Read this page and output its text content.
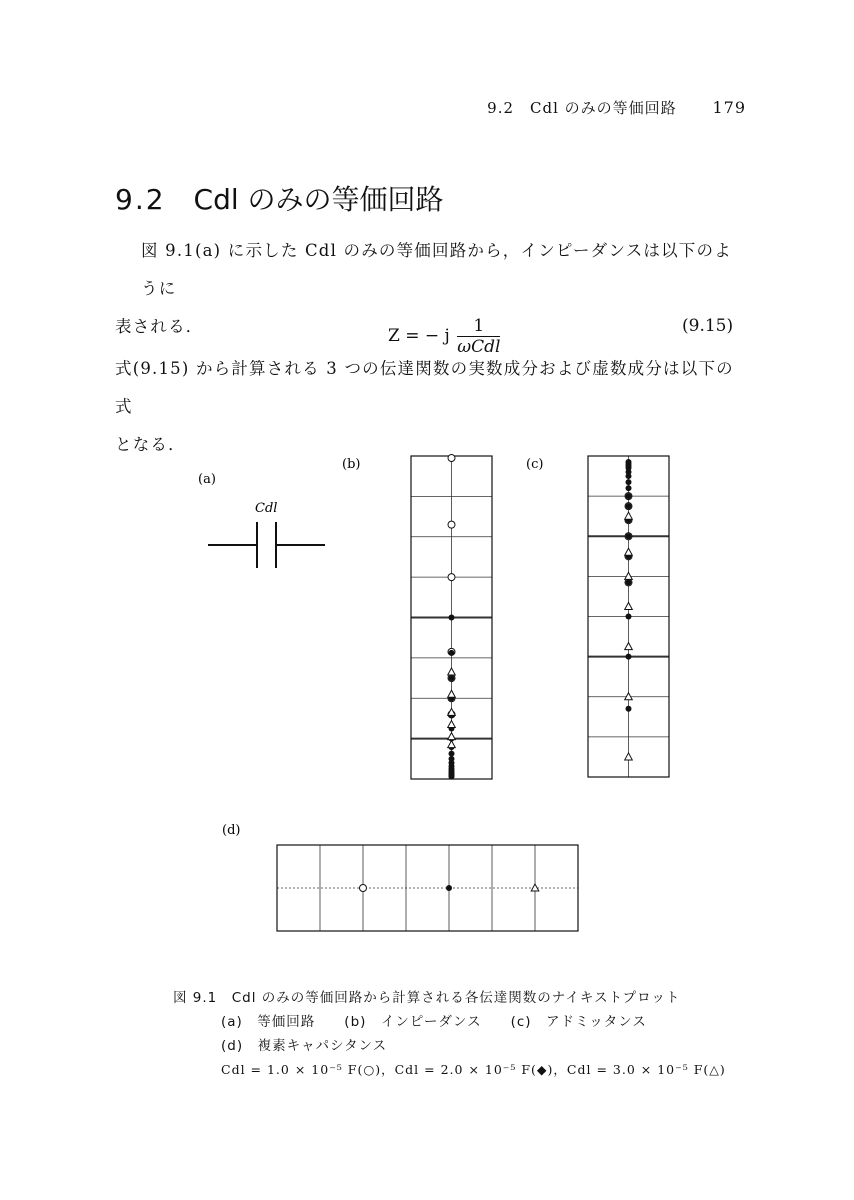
9.2　Cdl のみの等価回路 179
9.2 Cdl のみの等価回路
図 9.1(a) に示した Cdl のみの等価回路から，インピーダンスは以下のように
表される．	Z = − j	1
ωCdl
(9.15)
式(9.15) から計算される 3 つの伝達関数の実数成分および虚数成分は以下の式
となる．
(a)
Cdl
(b)	(c)
(d)
図 9.1　Cdl のみの等価回路から計算される各伝達関数のナイキストプロット
(a)　等価回路　　(b)　インピーダンス　　(c)　アドミッタンス
(d)　複素キャパシタンス
Cdl = 1.0 × 10⁻⁵ F(○)，Cdl = 2.0 × 10⁻⁵ F(◆)，Cdl = 3.0 × 10⁻⁵ F(△)
